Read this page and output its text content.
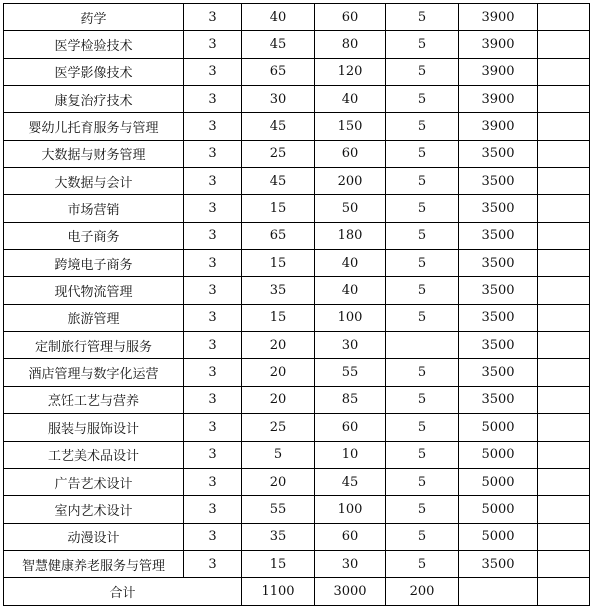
药学	3	40	60	5	3900	
医学检验技术	3	45	80	5	3900	
医学影像技术	3	65	120	5	3900	
康复治疗技术	3	30	40	5	3900	
婴幼儿托育服务与管理	3	45	150	5	3900	
大数据与财务管理	3	25	60	5	3500	
大数据与会计	3	45	200	5	3500	
市场营销	3	15	50	5	3500	
电子商务	3	65	180	5	3500	
跨境电子商务	3	15	40	5	3500	
现代物流管理	3	35	40	5	3500	
旅游管理	3	15	100	5	3500	
定制旅行管理与服务	3	20	30		3500	
酒店管理与数字化运营	3	20	55	5	3500	
烹饪工艺与营养	3	20	85	5	3500	
服装与服饰设计	3	25	60	5	5000	
工艺美术品设计	3	5	10	5	5000	
广告艺术设计	3	20	45	5	5000	
室内艺术设计	3	55	100	5	5000	
动漫设计	3	35	60	5	5000	
智慧健康养老服务与管理	3	15	30	5	3500	
合计		1100	3000	200		
